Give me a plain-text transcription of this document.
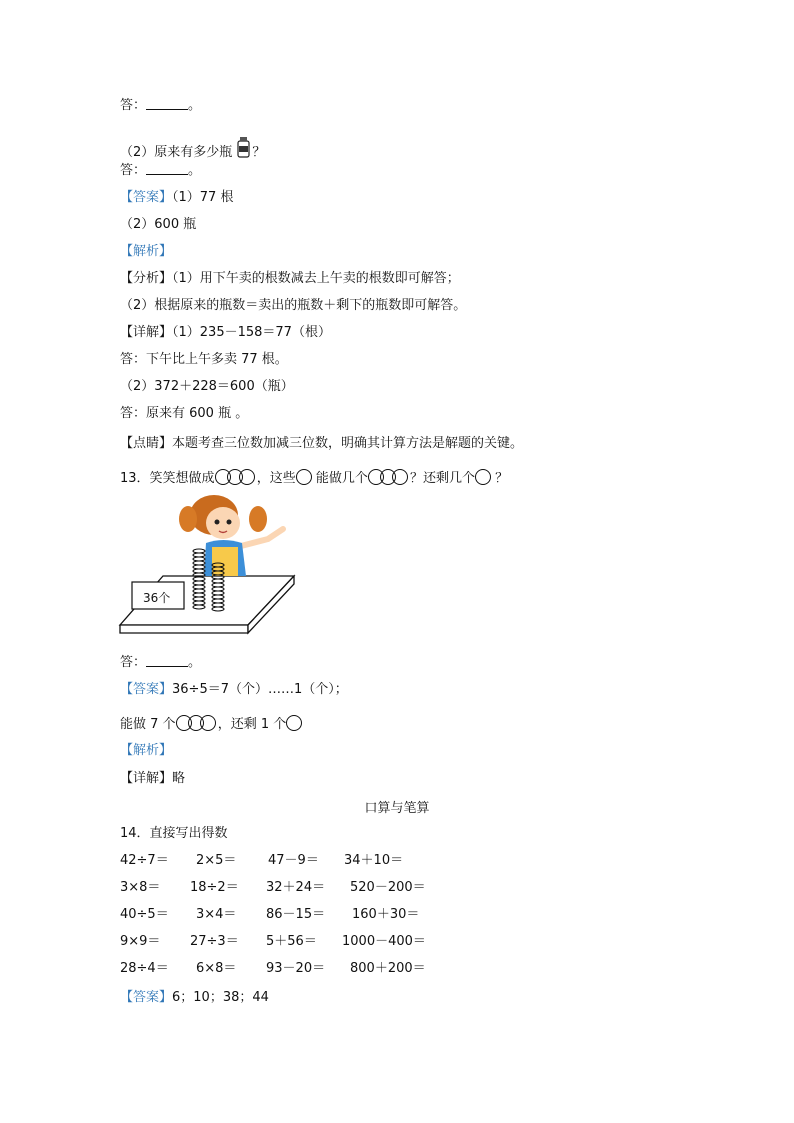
答：	。
（2）原来有多少瓶 ？
答：	。
【答案】（1）77 根
（2）600 瓶
【解析】
【分析】（1）用下午卖的根数减去上午卖的根数即可解答；
（2）根据原来的瓶数＝卖出的瓶数＋剩下的瓶数即可解答。
【详解】（1）235－158＝77（根）
答：下午比上午多卖 77 根。
（2）372＋228＝600（瓶）
答：原来有 600 瓶 。
【点睛】本题考查三位数加减三位数，明确其计算方法是解题的关键。
13．笑笑想做成	，这些 能做几个	？还剩几个 ？
36个
答：	。
【答案】36÷5＝7（个）……1（个）；
能做 7 个	，还剩 1 个
【解析】
【详解】略
口算与笔算
14．直接写出得数
42÷7＝ 2×5＝ 47－9＝ 34＋10＝
3×8＝ 18÷2＝ 32＋24＝ 520－200＝
40÷5＝ 3×4＝ 86－15＝ 160＋30＝
9×9＝ 27÷3＝ 5＋56＝ 1000－400＝
28÷4＝ 6×8＝ 93－20＝ 800＋200＝
【答案】6；10；38；44
